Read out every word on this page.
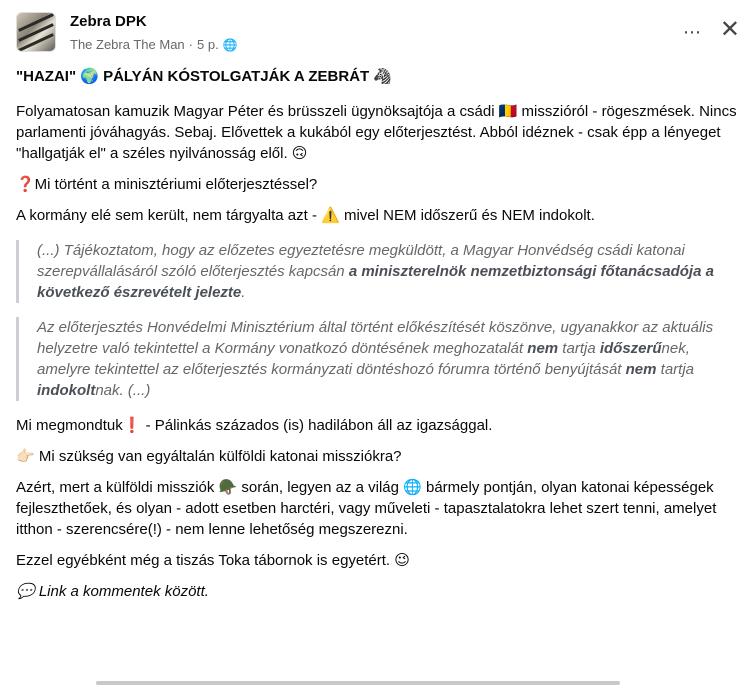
Zebra DPK
The Zebra The Man · 5 p. 🌐
⋯ ✕

"HAZAI" 🌍 PÁLYÁN KÓSTOLGATJÁK A ZEBRÁT 🦓

Folyamatosan kamuzik Magyar Péter és brüsszeli ügynöksajtója a csádi 🇹🇩 misszióról - rögeszmések. Nincs parlamenti jóváhagyás. Sebaj. Elővettek a kukából egy előterjesztést. Abból idéznek - csak épp a lényeget "hallgatják el" a széles nyilvánosság elől. 🙃

❓Mi történt a minisztériumi előterjesztéssel?

A kormány elé sem került, nem tárgyalta azt - ⚠️ mivel NEM időszerű és NEM indokolt.

(...) Tájékoztatom, hogy az előzetes egyeztetésre megküldött, a Magyar Honvédség csádi katonai szerepvállalásáról szóló előterjesztés kapcsán a miniszterelnök nemzetbiztonsági főtanácsadója a következő észrevételt jelezte.
Az előterjesztés Honvédelmi Minisztérium által történt előkészítését köszönve, ugyanakkor az aktuális helyzetre való tekintettel a Kormány vonatkozó döntésének meghozatalát nem tartja időszerűnek, amelyre tekintettel az előterjesztés kormányzati döntéshozó fórumra történő benyújtását nem tartja indokoltnak. (...)

Mi megmondtuk❗ - Pálinkás százados (is) hadilábon áll az igazsággal.

👉🏻 Mi szükség van egyáltalán külföldi katonai missziókra?

Azért, mert a külföldi missziók 🪖 során, legyen az a világ 🌐 bármely pontján, olyan katonai képességek fejleszthetőek, és olyan - adott esetben harctéri, vagy műveleti - tapasztalatokra lehet szert tenni, amelyet itthon - szerencsére(!) - nem lenne lehetőség megszerezni.

Ezzel egyébként még a tiszás Toka tábornok is egyetért. 😉

💬 Link a kommentek között.
